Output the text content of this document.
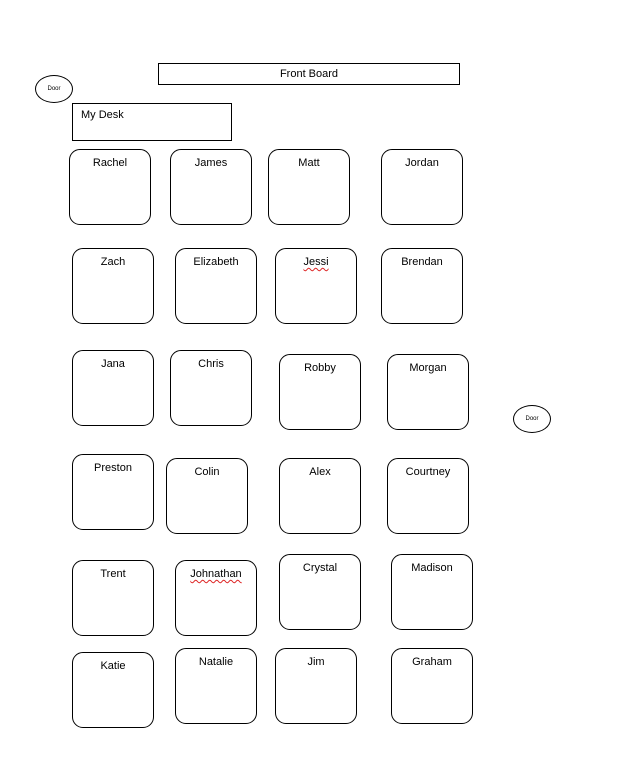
Door
Front Board
My Desk
Door
Rachel	James	Matt	Jordan
Zach	Elizabeth	Jessi	Brendan
Jana	Chris	Robby	Morgan
Preston	Colin	Alex	Courtney
Trent	Johnathan	Crystal	Madison
Katie	Natalie	Jim	Graham
